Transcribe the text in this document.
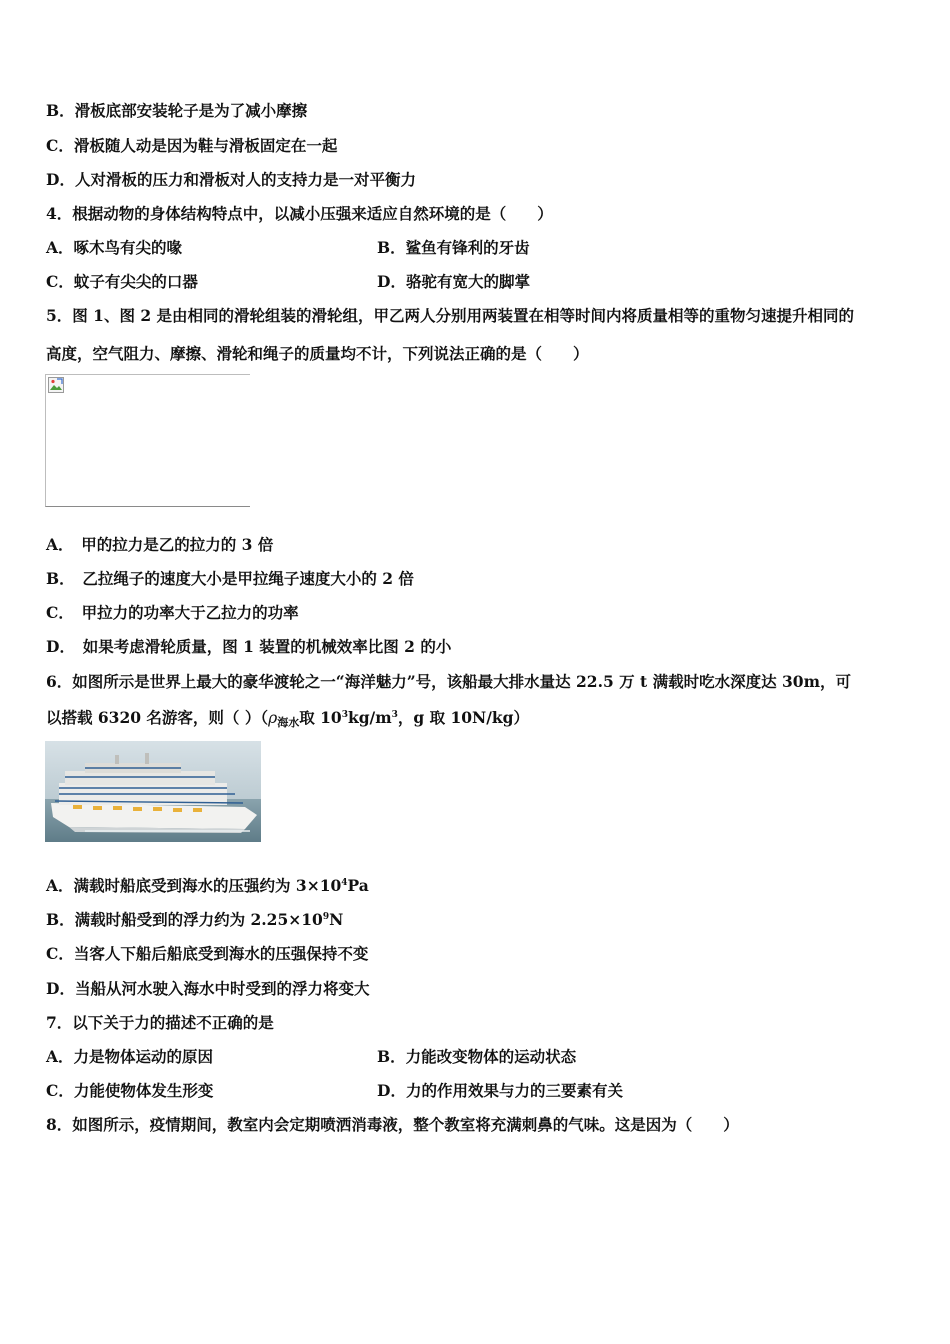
B．滑板底部安装轮子是为了减小摩擦
C．滑板随人动是因为鞋与滑板固定在一起
D．人对滑板的压力和滑板对人的支持力是一对平衡力
4．根据动物的身体结构特点中，以减小压强来适应自然环境的是（　　）
A．啄木鸟有尖的喙	B．鲨鱼有锋利的牙齿
C．蚊子有尖尖的口器	D．骆驼有宽大的脚掌
5．图 1、图 2 是由相同的滑轮组装的滑轮组，甲乙两人分别用两装置在相等时间内将质量相等的重物匀速提升相同的
高度，空气阻力、摩擦、滑轮和绳子的质量均不计，下列说法正确的是（　　）
A．　甲的拉力是乙的拉力的 3 倍
B．　乙拉绳子的速度大小是甲拉绳子速度大小的 2 倍
C．　甲拉力的功率大于乙拉力的功率
D．　如果考虑滑轮质量，图 1 装置的机械效率比图 2 的小
6．如图所示是世界上最大的豪华渡轮之一“海洋魅力”号，该船最大排水量达 22.5 万 t 满载时吃水深度达 30m，可
以搭载 6320 名游客，则（ ）（$\rho_{海水}$取 $10^3kg/m^3$，g 取 10N/kg）
A．满载时船底受到海水的压强约为 $3\times 10^4Pa$
B．满载时船受到的浮力约为 $2.25\times 10^9N$
C．当客人下船后船底受到海水的压强保持不变
D．当船从河水驶入海水中时受到的浮力将变大
7．以下关于力的描述不正确的是
A．力是物体运动的原因	B．力能改变物体的运动状态
C．力能使物体发生形变	D．力的作用效果与力的三要素有关
8．如图所示，疫情期间，教室内会定期喷洒消毒液，整个教室将充满刺鼻的气味。这是因为（　　）
